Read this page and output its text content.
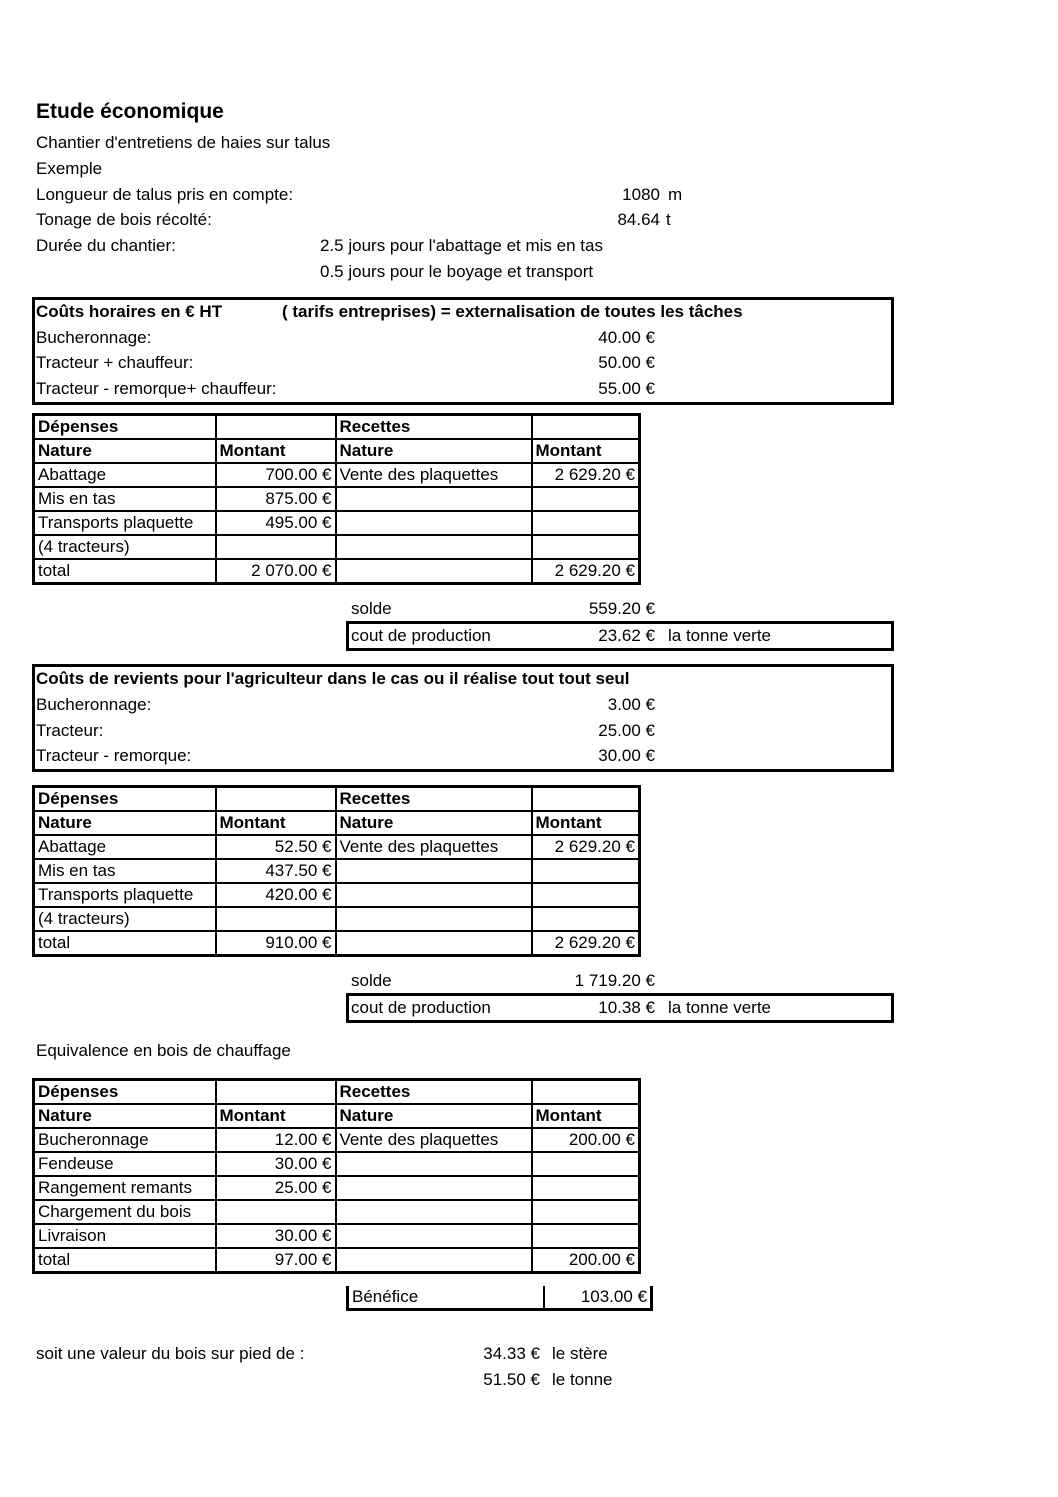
Etude économique
Chantier d'entretiens de haies sur talus
Exemple
Longueur de talus pris en compte:	1080 m
Tonage de bois récolté:	84.64 t
Durée du chantier:	2.5 jours pour l'abattage et mis en tas
0.5 jours pour le boyage et transport
Coûts horaires en € HT	( tarifs entreprises) = externalisation de toutes les tâches
Bucheronnage:	40.00 €
Tracteur + chauffeur:	50.00 €
Tracteur - remorque+ chauffeur:	55.00 €
Dépenses		Recettes	
Nature	Montant	Nature	Montant
Abattage	700.00 €	Vente des plaquettes	2 629.20 €
Mis en tas	875.00 €		
Transports plaquette	495.00 €		
(4 tracteurs)			
total	2 070.00 €		2 629.20 €
solde	559.20 €
cout de production	23.62 € la tonne verte
Coûts de revients pour l'agriculteur dans le cas ou il réalise tout tout seul
Bucheronnage:	3.00 €
Tracteur:	25.00 €
Tracteur - remorque:	30.00 €
Dépenses		Recettes	
Nature	Montant	Nature	Montant
Abattage	52.50 €	Vente des plaquettes	2 629.20 €
Mis en tas	437.50 €		
Transports plaquette	420.00 €		
(4 tracteurs)			
total	910.00 €		2 629.20 €
solde	1 719.20 €
cout de production	10.38 € la tonne verte
Equivalence en bois de chauffage
Dépenses		Recettes	
Nature	Montant	Nature	Montant
Bucheronnage	12.00 €	Vente des plaquettes	200.00 €
Fendeuse	30.00 €		
Rangement remants	25.00 €		
Chargement du bois			
Livraison	30.00 €		
total	97.00 €		200.00 €
Bénéfice	103.00 €
soit une valeur du bois sur pied de :	34.33 € le stère
51.50 € le tonne
